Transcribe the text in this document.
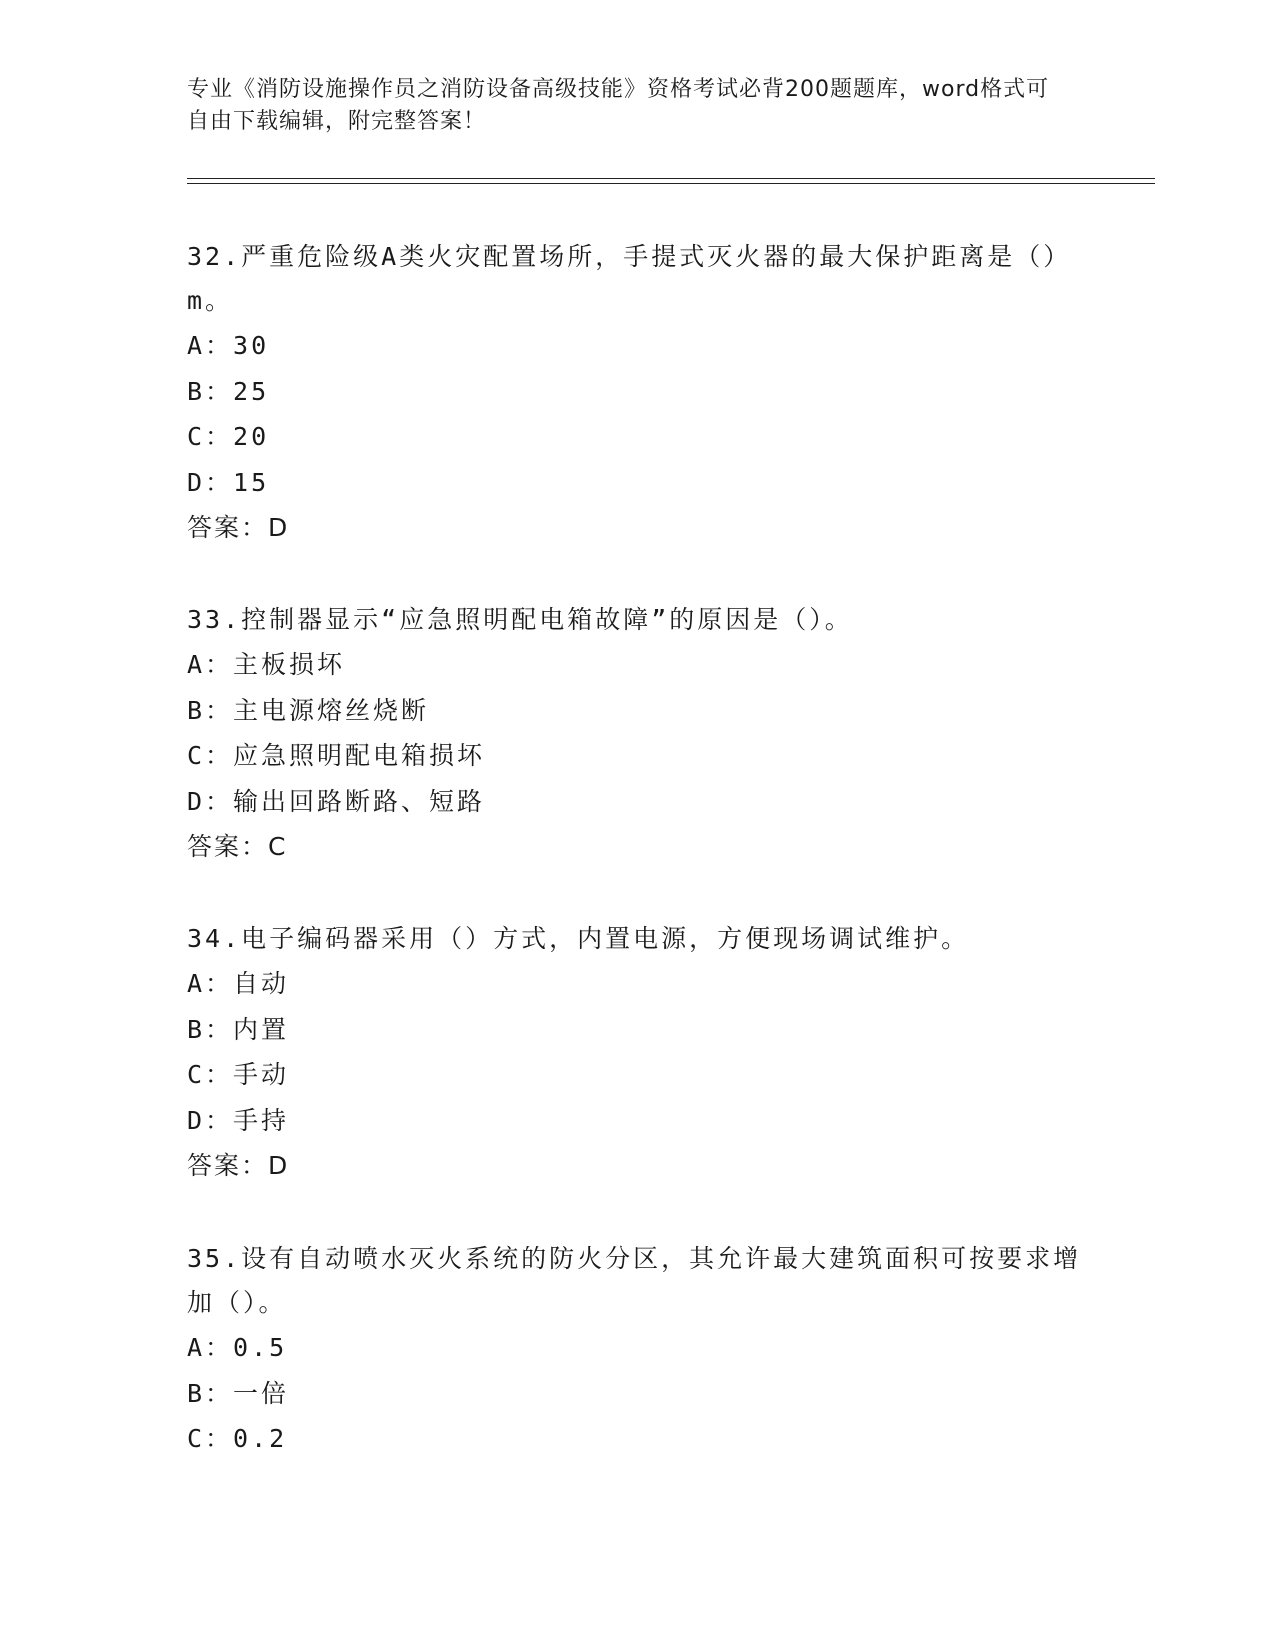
专业《消防设施操作员之消防设备高级技能》资格考试必背200题题库，word格式可自由下载编辑，附完整答案！
32.严重危险级A类火灾配置场所，手提式灭火器的最大保护距离是（）m。
A：30
B：25
C：20
D：15
答案：D
33.控制器显示“应急照明配电箱故障”的原因是（）。
A：主板损坏
B：主电源熔丝烧断
C：应急照明配电箱损坏
D：输出回路断路、短路
答案：C
34.电子编码器采用（）方式，内置电源，方便现场调试维护。
A：自动
B：内置
C：手动
D：手持
答案：D
35.设有自动喷水灭火系统的防火分区，其允许最大建筑面积可按要求增加（）。
A：0.5
B：一倍
C：0.2
